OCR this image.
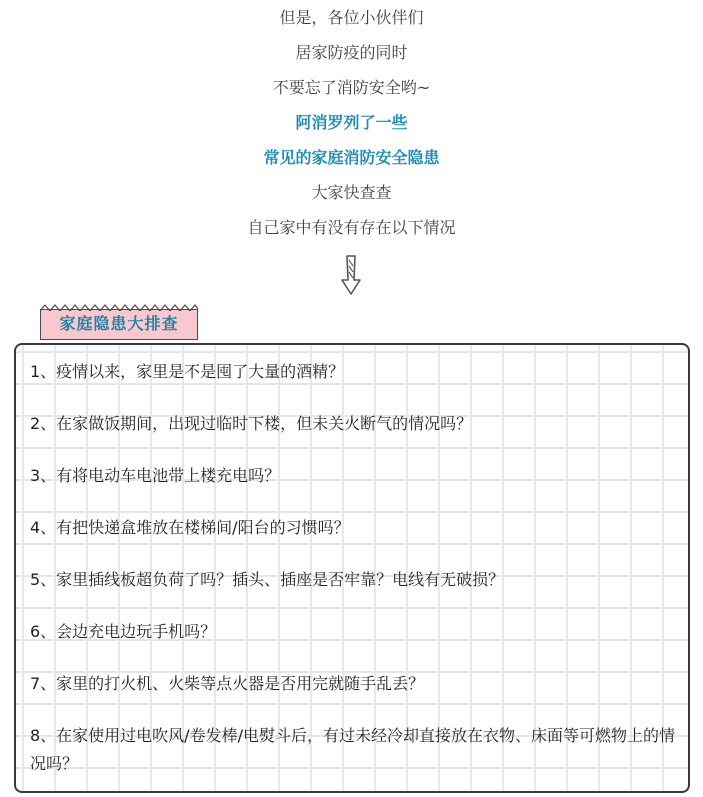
但是，各位小伙伴们
居家防疫的同时
不要忘了消防安全哟~
阿消罗列了一些
常见的家庭消防安全隐患
大家快查查
自己家中有没有存在以下情况
家庭隐患大排查
1、疫情以来，家里是不是囤了大量的酒精？
2、在家做饭期间，出现过临时下楼，但未关火断气的情况吗？
3、有将电动车电池带上楼充电吗？
4、有把快递盒堆放在楼梯间/阳台的习惯吗？
5、家里插线板超负荷了吗？插头、插座是否牢靠？电线有无破损？
6、会边充电边玩手机吗？
7、家里的打火机、火柴等点火器是否用完就随手乱丢？
8、在家使用过电吹风/卷发棒/电熨斗后，有过未经冷却直接放在衣物、床面等可燃物上的情况吗？
